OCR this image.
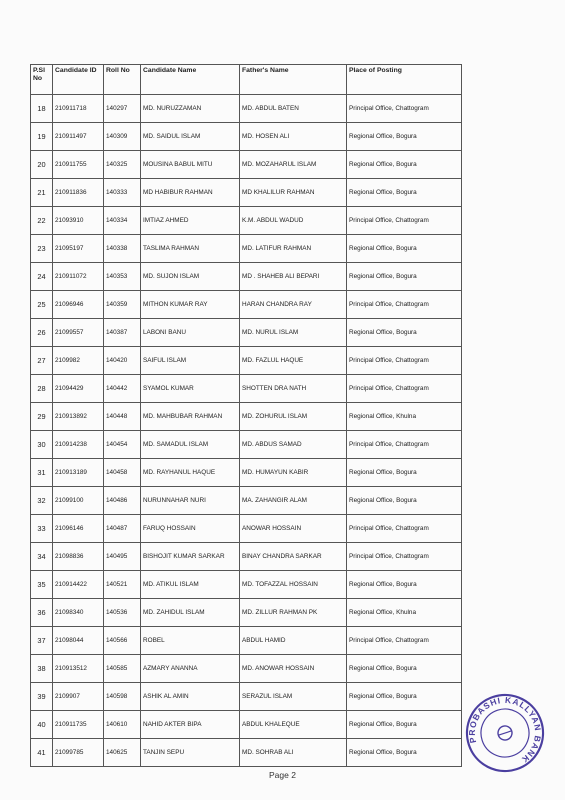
P.Sl No	Candidate ID	Roll No	Candidate Name	Father's Name	Place of Posting
18	210911718	140297	MD. NURUZZAMAN	MD. ABDUL BATEN	Principal Office, Chattogram
19	210911497	140309	MD. SAIDUL ISLAM	MD. HOSEN ALI	Regional Office, Bogura
20	210911755	140325	MOUSINA BABUL MITU	MD. MOZAHARUL ISLAM	Regional Office, Bogura
21	210911836	140333	MD HABIBUR RAHMAN	MD KHALILUR RAHMAN	Regional Office, Bogura
22	21093910	140334	IMTIAZ AHMED	K.M. ABDUL WADUD	Principal Office, Chattogram
23	21095197	140338	TASLIMA RAHMAN	MD. LATIFUR RAHMAN	Regional Office, Bogura
24	210911072	140353	MD. SUJON ISLAM	MD . SHAHEB ALI BEPARI	Regional Office, Bogura
25	21096946	140359	MITHON KUMAR RAY	HARAN CHANDRA RAY	Principal Office, Chattogram
26	21099557	140387	LABONI BANU	MD. NURUL ISLAM	Regional Office, Bogura
27	2109982	140420	SAIFUL ISLAM	MD. FAZLUL HAQUE	Principal Office, Chattogram
28	21094429	140442	SYAMOL KUMAR	SHOTTEN DRA NATH	Principal Office, Chattogram
29	210913892	140448	MD. MAHBUBAR RAHMAN	MD. ZOHURUL ISLAM	Regional Office, Khulna
30	210914238	140454	MD. SAMADUL ISLAM	MD. ABDUS SAMAD	Principal Office, Chattogram
31	210913189	140458	MD. RAYHANUL HAQUE	MD. HUMAYUN KABIR	Regional Office, Bogura
32	21099100	140486	NURUNNAHAR NURI	MA. ZAHANGIR ALAM	Regional Office, Bogura
33	21096146	140487	FARUQ HOSSAIN	ANOWAR HOSSAIN	Principal Office, Chattogram
34	21098836	140495	BISHOJIT KUMAR SARKAR	BINAY CHANDRA SARKAR	Principal Office, Chattogram
35	210914422	140521	MD. ATIKUL ISLAM	MD. TOFAZZAL HOSSAIN	Regional Office, Bogura
36	21098340	140536	MD. ZAHIDUL ISLAM	MD. ZILLUR RAHMAN PK	Regional Office, Khulna
37	21098044	140566	ROBEL	ABDUL HAMID	Principal Office, Chattogram
38	210913512	140585	AZMARY ANANNA	MD. ANOWAR HOSSAIN	Regional Office, Bogura
39	2109907	140598	ASHIK AL AMIN	SERAZUL ISLAM	Regional Office, Bogura
40	210911735	140610	NAHID AKTER BIPA	ABDUL KHALEQUE	Regional Office, Bogura
41	21099785	140625	TANJIN SEPU	MD. SOHRAB ALI	Regional Office, Bogura
PROBASHI KALLYAN BANK
Page 2
